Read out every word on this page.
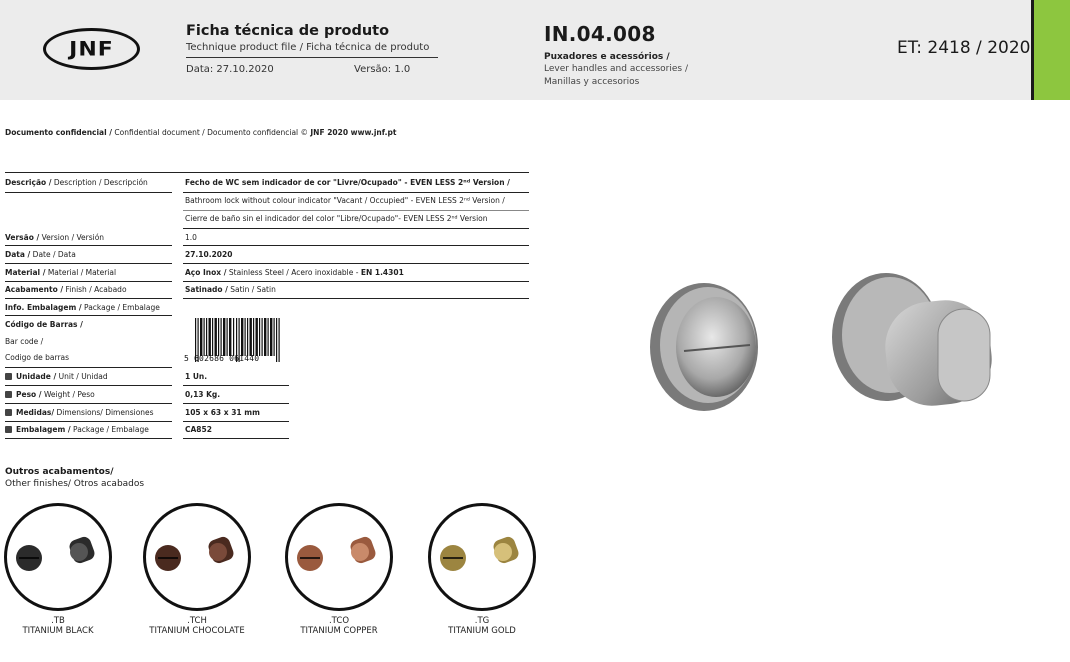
JNF
Ficha técnica de produto
Technique product file / Ficha técnica de produto
Data: 27.10.2020	Versão: 1.0
IN.04.008
Puxadores e acessórios /
Lever handles and accessories /
Manillas y accesorios
ET: 2418 / 2020
Documento confidencial / Confidential document / Documento confidencial © JNF 2020 www.jnf.pt
Descrição / Description / Descripción	Fecho de WC sem indicador de cor "Livre/Ocupado" - EVEN LESS 2ⁿᵈ Version /
Bathroom lock without colour indicator "Vacant / Occupied" - EVEN LESS 2ⁿᵈ Version /
Cierre de baño sin el indicador del color "Libre/Ocupado"- EVEN LESS 2ⁿᵈ Version
Versão / Version / Versión	1.0
Data / Date / Data	27.10.2020
Material / Material / Material	Aço Inox / Stainless Steel / Acero inoxidable - EN 1.4301
Acabamento / Finish / Acabado	Satinado / Satin / Satin
Info. Embalagem / Package / Embalage
Código de Barras /
Bar code /
Codigo de barras	5 602686 061440
Unidade / Unit / Unidad	1 Un.
Peso / Weight / Peso	0,13 Kg.
Medidas/ Dimensions/ Dimensiones	105 x 63 x 31 mm
Embalagem / Package / Embalage	CA852
Outros acabamentos/
Other finishes/ Otros acabados
.TB
TITANIUM BLACK
.TCH
TITANIUM CHOCOLATE
.TCO
TITANIUM COPPER
.TG
TITANIUM GOLD
